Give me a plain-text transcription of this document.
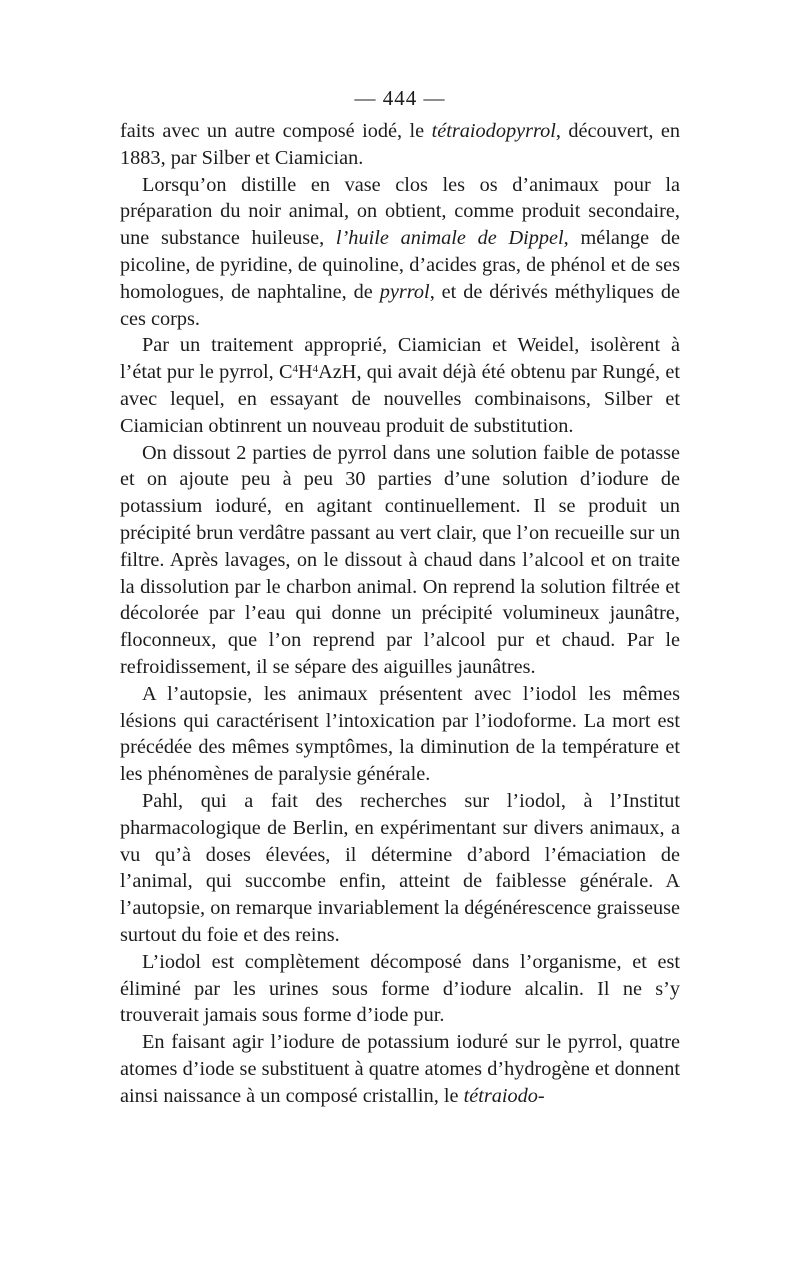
— 444 —

faits avec un autre composé iodé, le tétraiodopyrrol, découvert, en 1883, par Silber et Ciamician.

Lorsqu’on distille en vase clos les os d’animaux pour la préparation du noir animal, on obtient, comme produit secondaire, une substance huileuse, l’huile animale de Dippel, mélange de picoline, de pyridine, de quinoline, d’acides gras, de phénol et de ses homologues, de naphtaline, de pyrrol, et de dérivés méthyliques de ces corps.

Par un traitement approprié, Ciamician et Weidel, isolèrent à l’état pur le pyrrol, $C^4H^4AzH$, qui avait déjà été obtenu par Rungé, et avec lequel, en essayant de nouvelles combinaisons, Silber et Ciamician obtinrent un nouveau produit de substitution.

On dissout 2 parties de pyrrol dans une solution faible de potasse et on ajoute peu à peu 30 parties d’une solution d’iodure de potassium ioduré, en agitant continuellement. Il se produit un précipité brun verdâtre passant au vert clair, que l’on recueille sur un filtre. Après lavages, on le dissout à chaud dans l’alcool et on traite la dissolution par le charbon animal. On reprend la solution filtrée et décolorée par l’eau qui donne un précipité volumineux jaunâtre, floconneux, que l’on reprend par l’alcool pur et chaud. Par le refroidissement, il se sépare des aiguilles jaunâtres.

A l’autopsie, les animaux présentent avec l’iodol les mêmes lésions qui caractérisent l’intoxication par l’iodoforme. La mort est précédée des mêmes symptômes, la diminution de la température et les phénomènes de paralysie générale.

Pahl, qui a fait des recherches sur l’iodol, à l’Institut pharmacologique de Berlin, en expérimentant sur divers animaux, a vu qu’à doses élevées, il détermine d’abord l’émaciation de l’animal, qui succombe enfin, atteint de faiblesse générale. A l’autopsie, on remarque invariablement la dégénérescence graisseuse surtout du foie et des reins.

L’iodol est complètement décomposé dans l’organisme, et est éliminé par les urines sous forme d’iodure alcalin. Il ne s’y trouverait jamais sous forme d’iode pur.

En faisant agir l’iodure de potassium ioduré sur le pyrrol, quatre atomes d’iode se substituent à quatre atomes d’hydrogène et donnent ainsi naissance à un composé cristallin, le tétraiodo-
